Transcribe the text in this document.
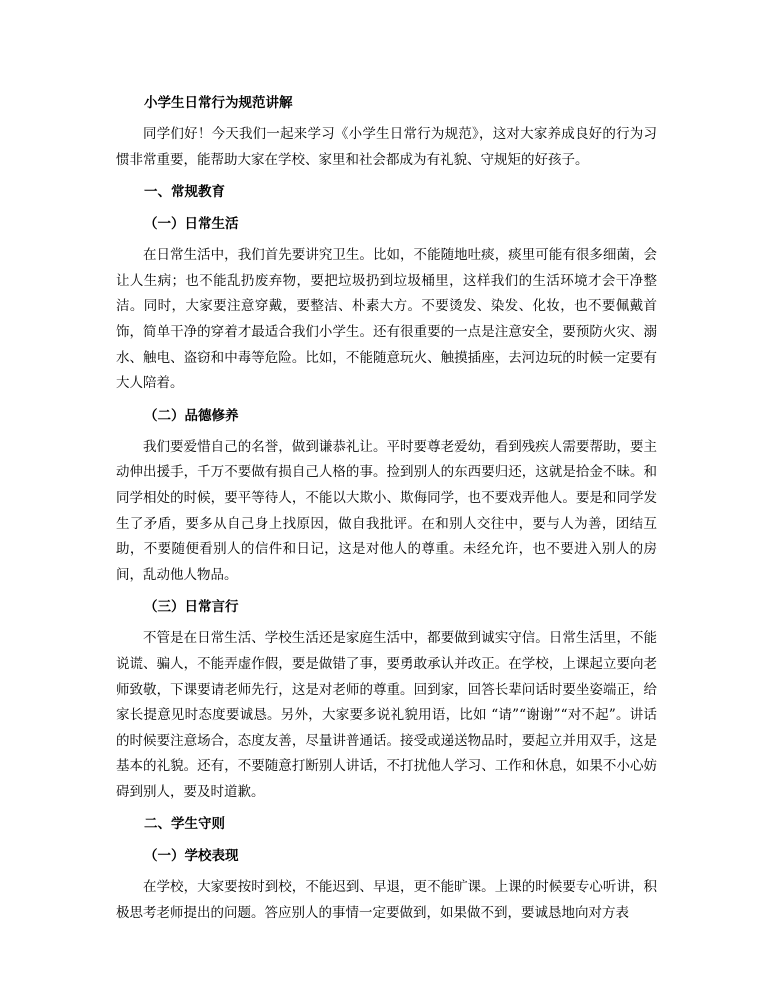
小学生日常行为规范讲解

同学们好！今天我们一起来学习《小学生日常行为规范》，这对大家养成良好的行为习惯非常重要，能帮助大家在学校、家里和社会都成为有礼貌、守规矩的好孩子。

一、常规教育
（一）日常生活

在日常生活中，我们首先要讲究卫生。比如，不能随地吐痰，痰里可能有很多细菌，会让人生病；也不能乱扔废弃物，要把垃圾扔到垃圾桶里，这样我们的生活环境才会干净整洁。同时，大家要注意穿戴，要整洁、朴素大方。不要烫发、染发、化妆，也不要佩戴首饰，简单干净的穿着才最适合我们小学生。还有很重要的一点是注意安全，要预防火灾、溺水、触电、盗窃和中毒等危险。比如，不能随意玩火、触摸插座，去河边玩的时候一定要有大人陪着。

（二）品德修养

我们要爱惜自己的名誉，做到谦恭礼让。平时要尊老爱幼，看到残疾人需要帮助，要主动伸出援手，千万不要做有损自己人格的事。捡到别人的东西要归还，这就是拾金不昧。和同学相处的时候，要平等待人，不能以大欺小、欺侮同学，也不要戏弄他人。要是和同学发生了矛盾，要多从自己身上找原因，做自我批评。在和别人交往中，要与人为善，团结互助，不要随便看别人的信件和日记，这是对他人的尊重。未经允许，也不要进入别人的房间，乱动他人物品。

（三）日常言行

不管是在日常生活、学校生活还是家庭生活中，都要做到诚实守信。日常生活里，不能说谎、骗人，不能弄虚作假，要是做错了事，要勇敢承认并改正。在学校，上课起立要向老师致敬，下课要请老师先行，这是对老师的尊重。回到家，回答长辈问话时要坐姿端正，给家长提意见时态度要诚恳。另外，大家要多说礼貌用语，比如 “请”“谢谢”“对不起”。讲话的时候要注意场合，态度友善，尽量讲普通话。接受或递送物品时，要起立并用双手，这是基本的礼貌。还有，不要随意打断别人讲话，不打扰他人学习、工作和休息，如果不小心妨碍到别人，要及时道歉。

二、学生守则
（一）学校表现

在学校，大家要按时到校，不能迟到、早退，更不能旷课。上课的时候要专心听讲，积极思考老师提出的问题。答应别人的事情一定要做到，如果做不到，要诚恳地向对方表
